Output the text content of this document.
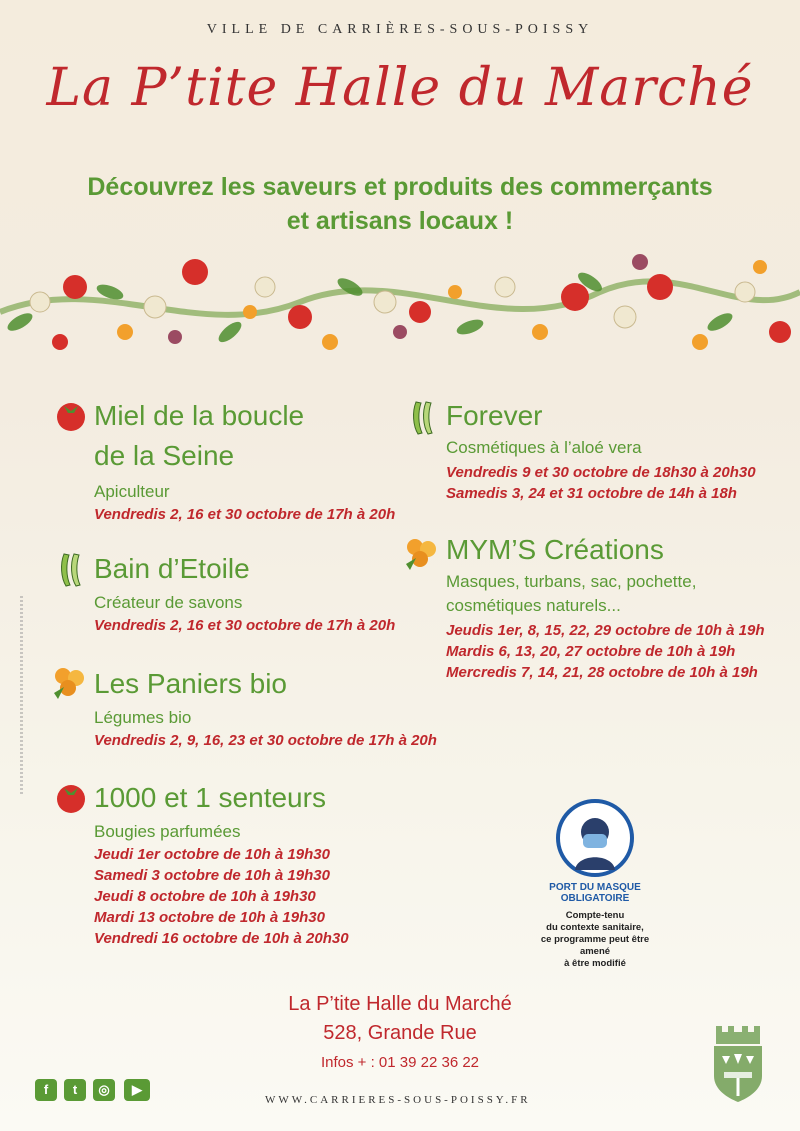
VILLE DE CARRIÈRES-SOUS-POISSY
La P’tite Halle du Marché
Découvrez les saveurs et produits des commerçants
et artisans locaux !
Miel de la boucle
de la Seine
Apiculteur
Vendredis 2, 16 et 30 octobre de 17h à 20h
Bain d’Etoile
Créateur de savons
Vendredis 2, 16 et 30 octobre de 17h à 20h
Les Paniers bio
Légumes bio
Vendredis 2, 9, 16, 23 et 30 octobre de 17h à 20h
1000 et 1 senteurs
Bougies parfumées
Jeudi 1er octobre de 10h à 19h30
Samedi 3 octobre de 10h à 19h30
Jeudi 8 octobre de 10h à 19h30
Mardi 13 octobre de 10h à 19h30
Vendredi 16 octobre de 10h à 20h30
Forever
Cosmétiques à l’aloé vera
Vendredis 9 et 30 octobre de 18h30 à 20h30
Samedis 3, 24 et 31 octobre de 14h à 18h
MYM’S Créations
Masques, turbans, sac, pochette,
cosmétiques naturels...
Jeudis 1er, 8, 15, 22, 29 octobre de 10h à 19h
Mardis 6, 13, 20, 27 octobre de 10h à 19h
Mercredis 7, 14, 21, 28 octobre de 10h à 19h
PORT DU MASQUE
OBLIGATOIRE
Compte-tenu
du contexte sanitaire,
ce programme peut être amené
à être modifié
La P’tite Halle du Marché
528, Grande Rue
Infos + : 01 39 22 36 22
f	t	◎	▶
WWW.CARRIERES-SOUS-POISSY.FR
